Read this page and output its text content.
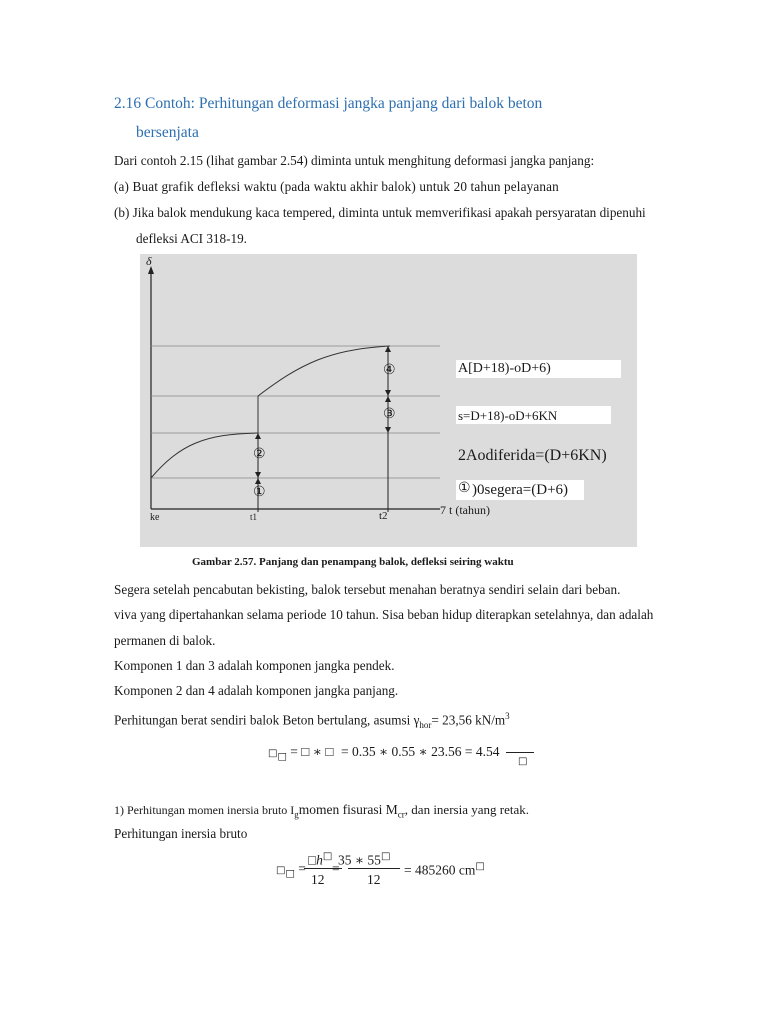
2.16 Contoh: Perhitungan deformasi jangka panjang dari balok beton
bersenjata
Dari contoh 2.15 (lihat gambar 2.54) diminta untuk menghitung deformasi jangka panjang:
(a) Buat grafik defleksi waktu (pada waktu akhir balok) untuk 20 tahun pelayanan
(b) Jika balok mendukung kaca tempered, diminta untuk memverifikasi apakah persyaratan dipenuhi
defleksi ACI 318-19.
δ
ke	t1	t2	7 t (tahun)
①
②
③
④	A[D+18)-oD+6)
s=D+18)-oD+6KN
2Aodiferida=(D+6KN)
① )0segera=(D+6)
Gambar 2.57. Panjang dan penampang balok, defleksi seiring waktu
Segera setelah pencabutan bekisting, balok tersebut menahan beratnya sendiri selain dari beban.
viva yang dipertahankan selama periode 10 tahun. Sisa beban hidup diterapkan setelahnya, dan adalah
permanen di balok.
Komponen 1 dan 3 adalah komponen jangka pendek.
Komponen 2 dan 4 adalah komponen jangka panjang.
Perhitungan berat sendiri balok Beton bertulang, asumsi $\gamma_{hor}= 23,56$ $kN/m^3$
$□_□$ = □ ∗ □ = 0.35 ∗ 0.55 ∗ 23.56 = 4.54
□
1) Perhitungan momen inersia bruto $I_gmomen$ fisurasi $M_{cr}$, dan inersia yang retak.
Perhitungan inersia bruto
$□_□$ =
□h□
12
=
35 ∗ 55□
12
= 485260 cm□
